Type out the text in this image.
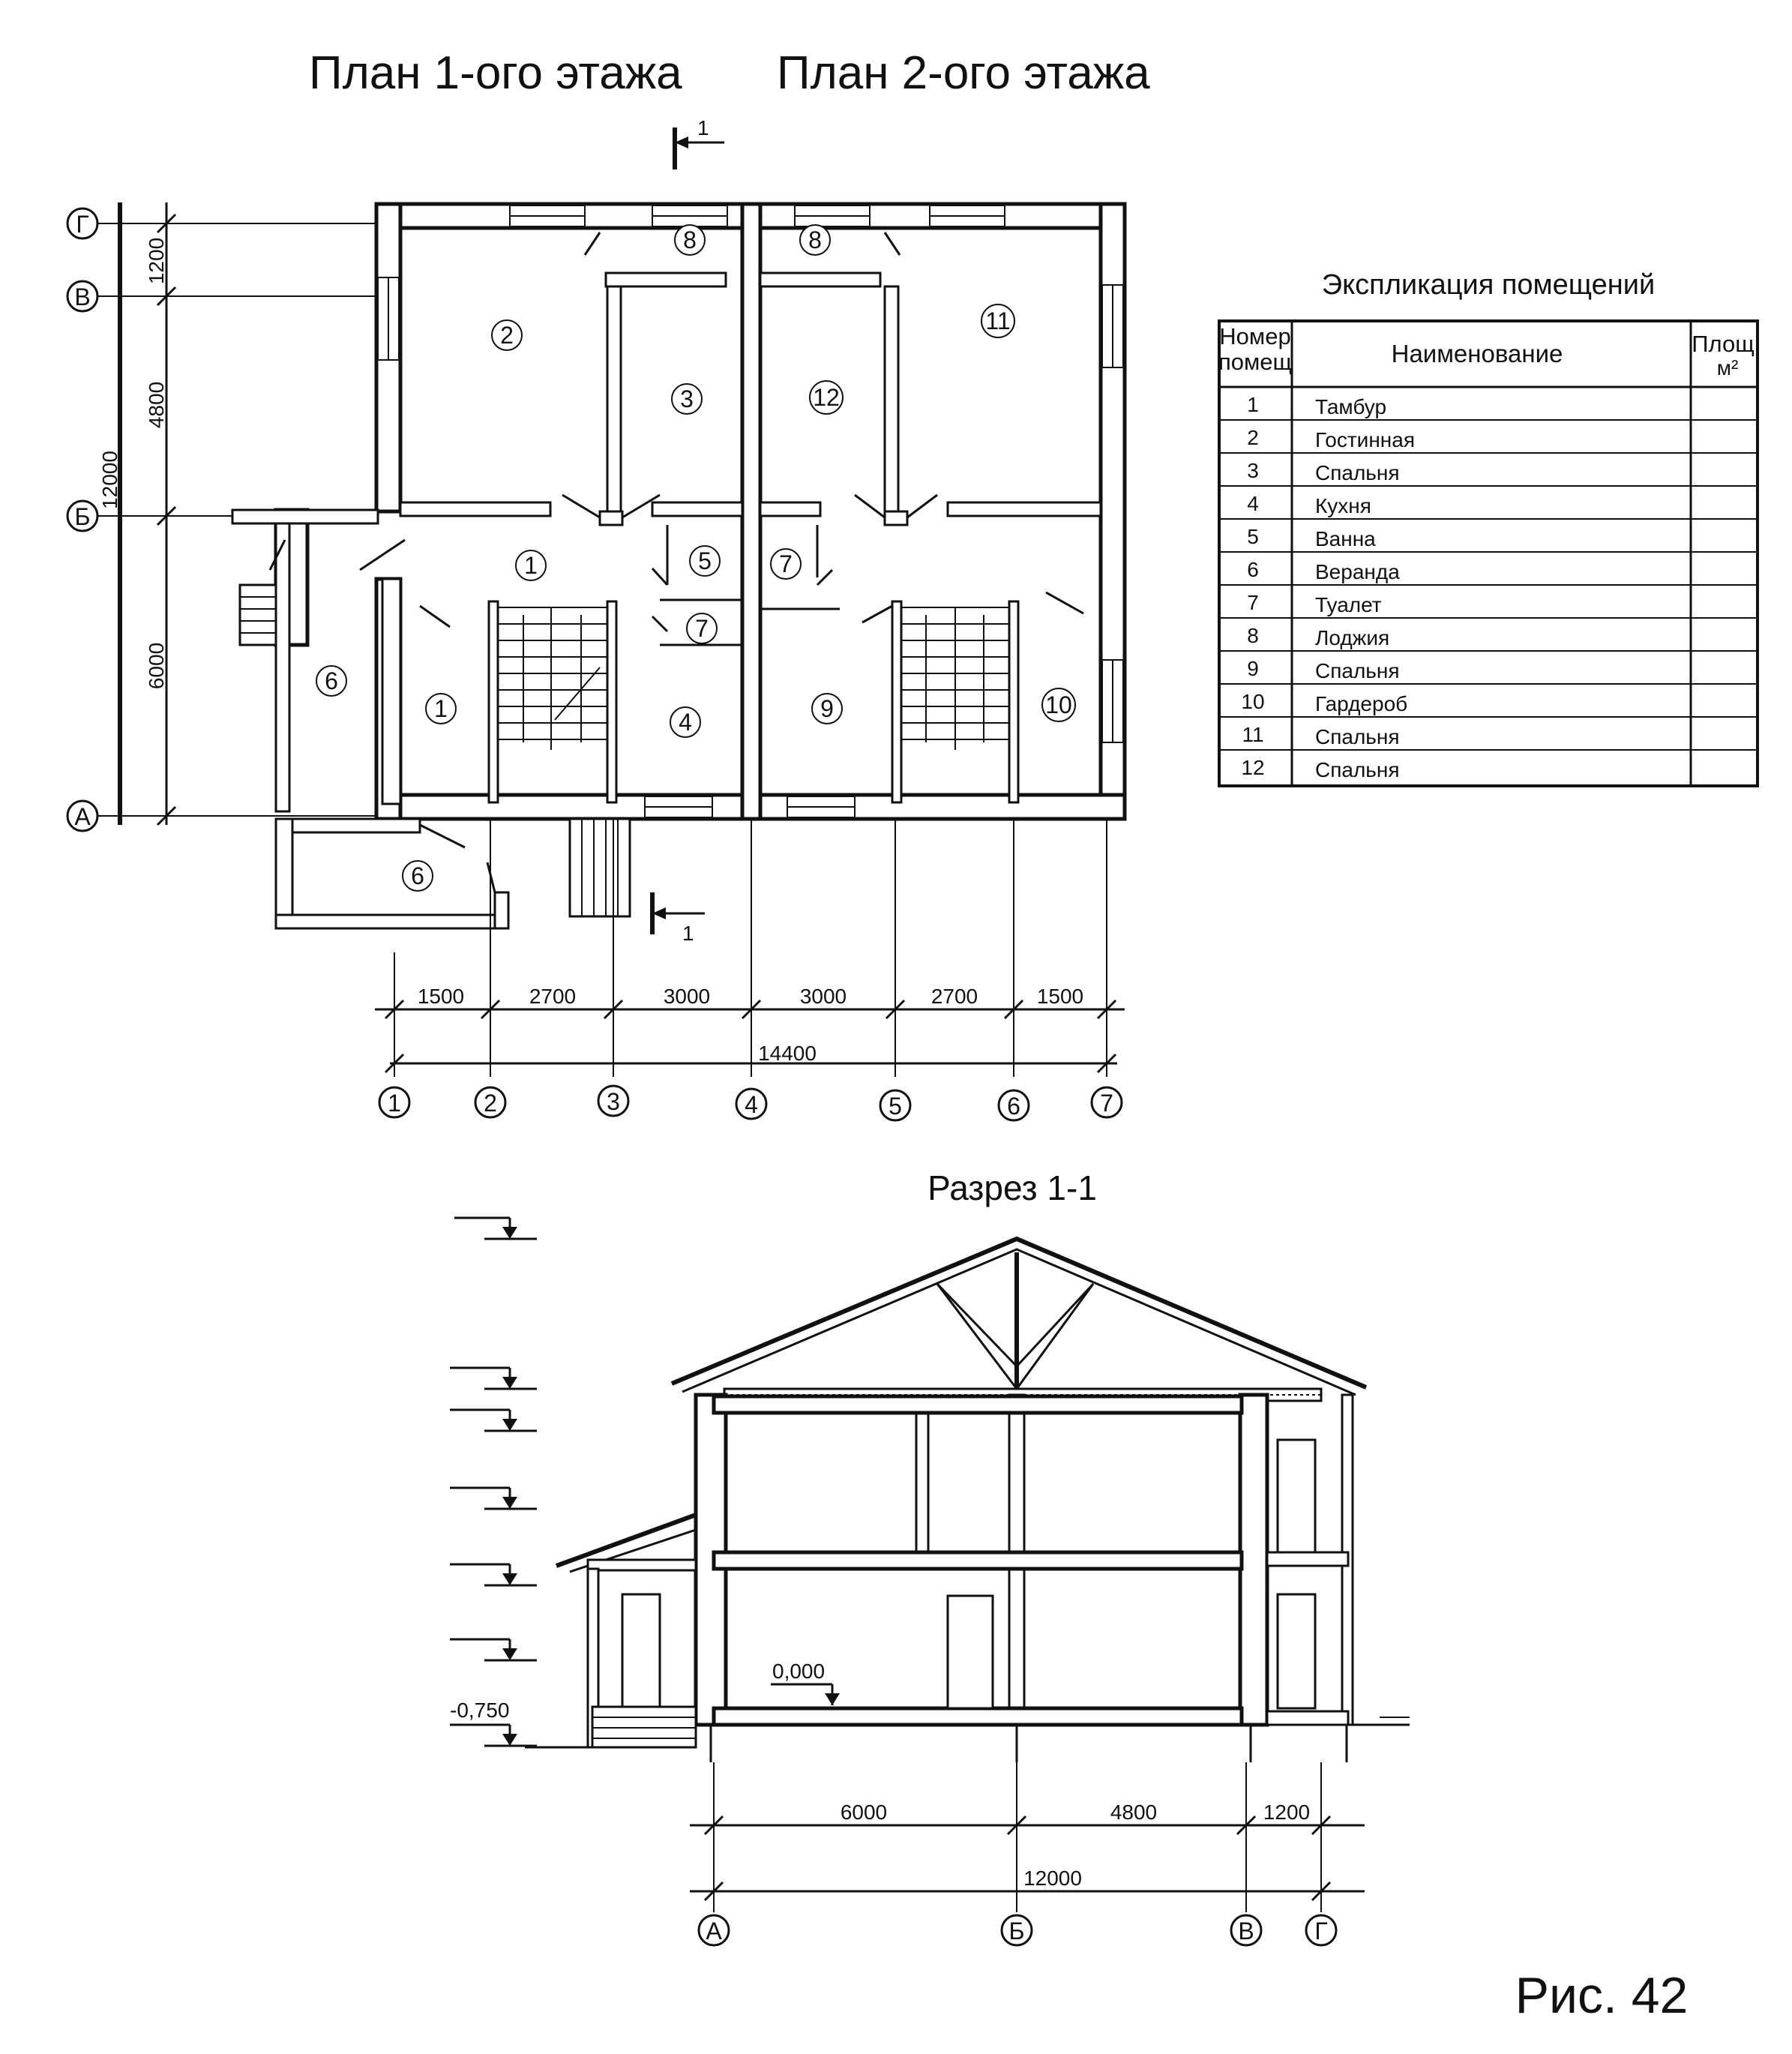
План 1-ого этажа План 2-ого этажа
1
1
8	8
2
3	12
11
1	5	7
7
6
1	4	9	10
6
1200
4800
6000
12000
Г
В
Б
А
1500	2700	3000	3000	2700	1500
14400
1	2	3	4	5	6	7
Экспликация помещений
Номер
помещ	Наименование	Площ
м²
1	Тамбур
2	Гостинная
3	Спальня
4	Кухня
5	Ванна
6	Веранда
7	Туалет
8	Лоджия
9	Спальня
10 Гардероб
11 Спальня
12 Спальня
Разрез 1-1
-0,750
0,000
6000	4800	1200
12000
А	Б	В	Г
Рис. 42
